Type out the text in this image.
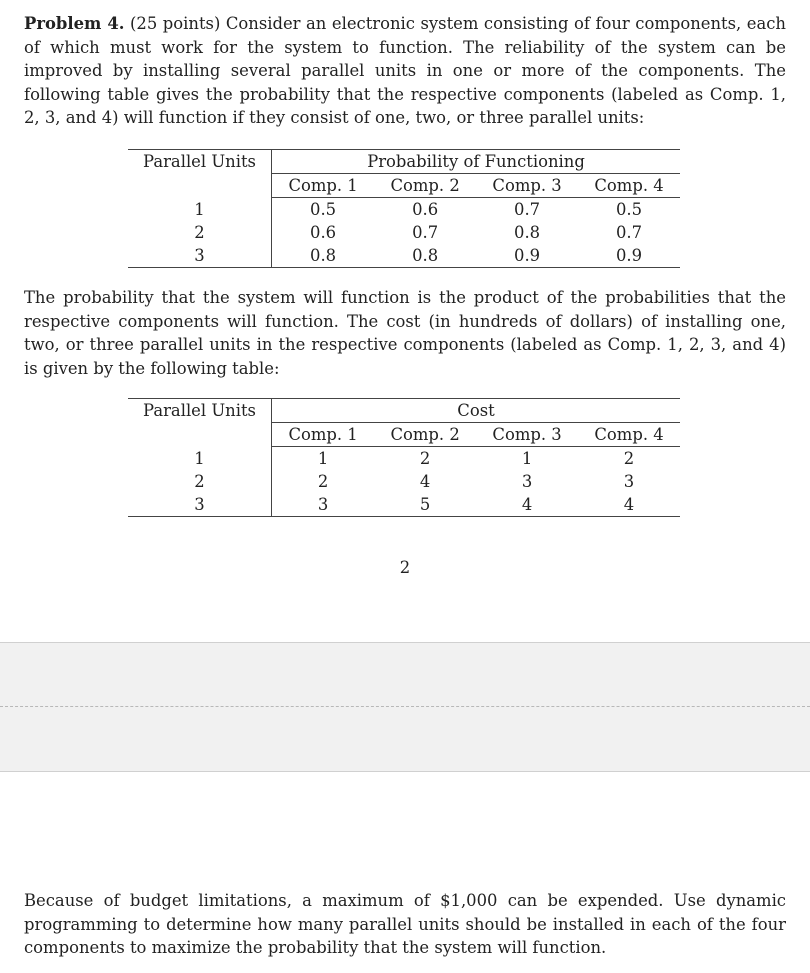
Problem 4. (25 points) Consider an electronic system consisting of four components, each of which must work for the system to function. The reliability of the system can be improved by installing several parallel units in one or more of the components. The following table gives the probability that the respective components (labeled as Comp. 1, 2, 3, and 4) will function if they consist of one, two, or three parallel units:

Parallel Units	Probability of Functioning			
	Comp. 1	Comp. 2	Comp. 3	Comp. 4
1	0.5	0.6	0.7	0.5
2	0.6	0.7	0.8	0.7
3	0.8	0.8	0.9	0.9

The probability that the system will function is the product of the probabilities that the respective components will function. The cost (in hundreds of dollars) of installing one, two, or three parallel units in the respective components (labeled as Comp. 1, 2, 3, and 4) is given by the following table:

Parallel Units	Cost			
	Comp. 1	Comp. 2	Comp. 3	Comp. 4
1	1	2	1	2
2	2	4	3	3
3	3	5	4	4
2

Because of budget limitations, a maximum of $1,000 can be expended. Use dynamic programming to determine how many parallel units should be installed in each of the four components to maximize the probability that the system will function.
